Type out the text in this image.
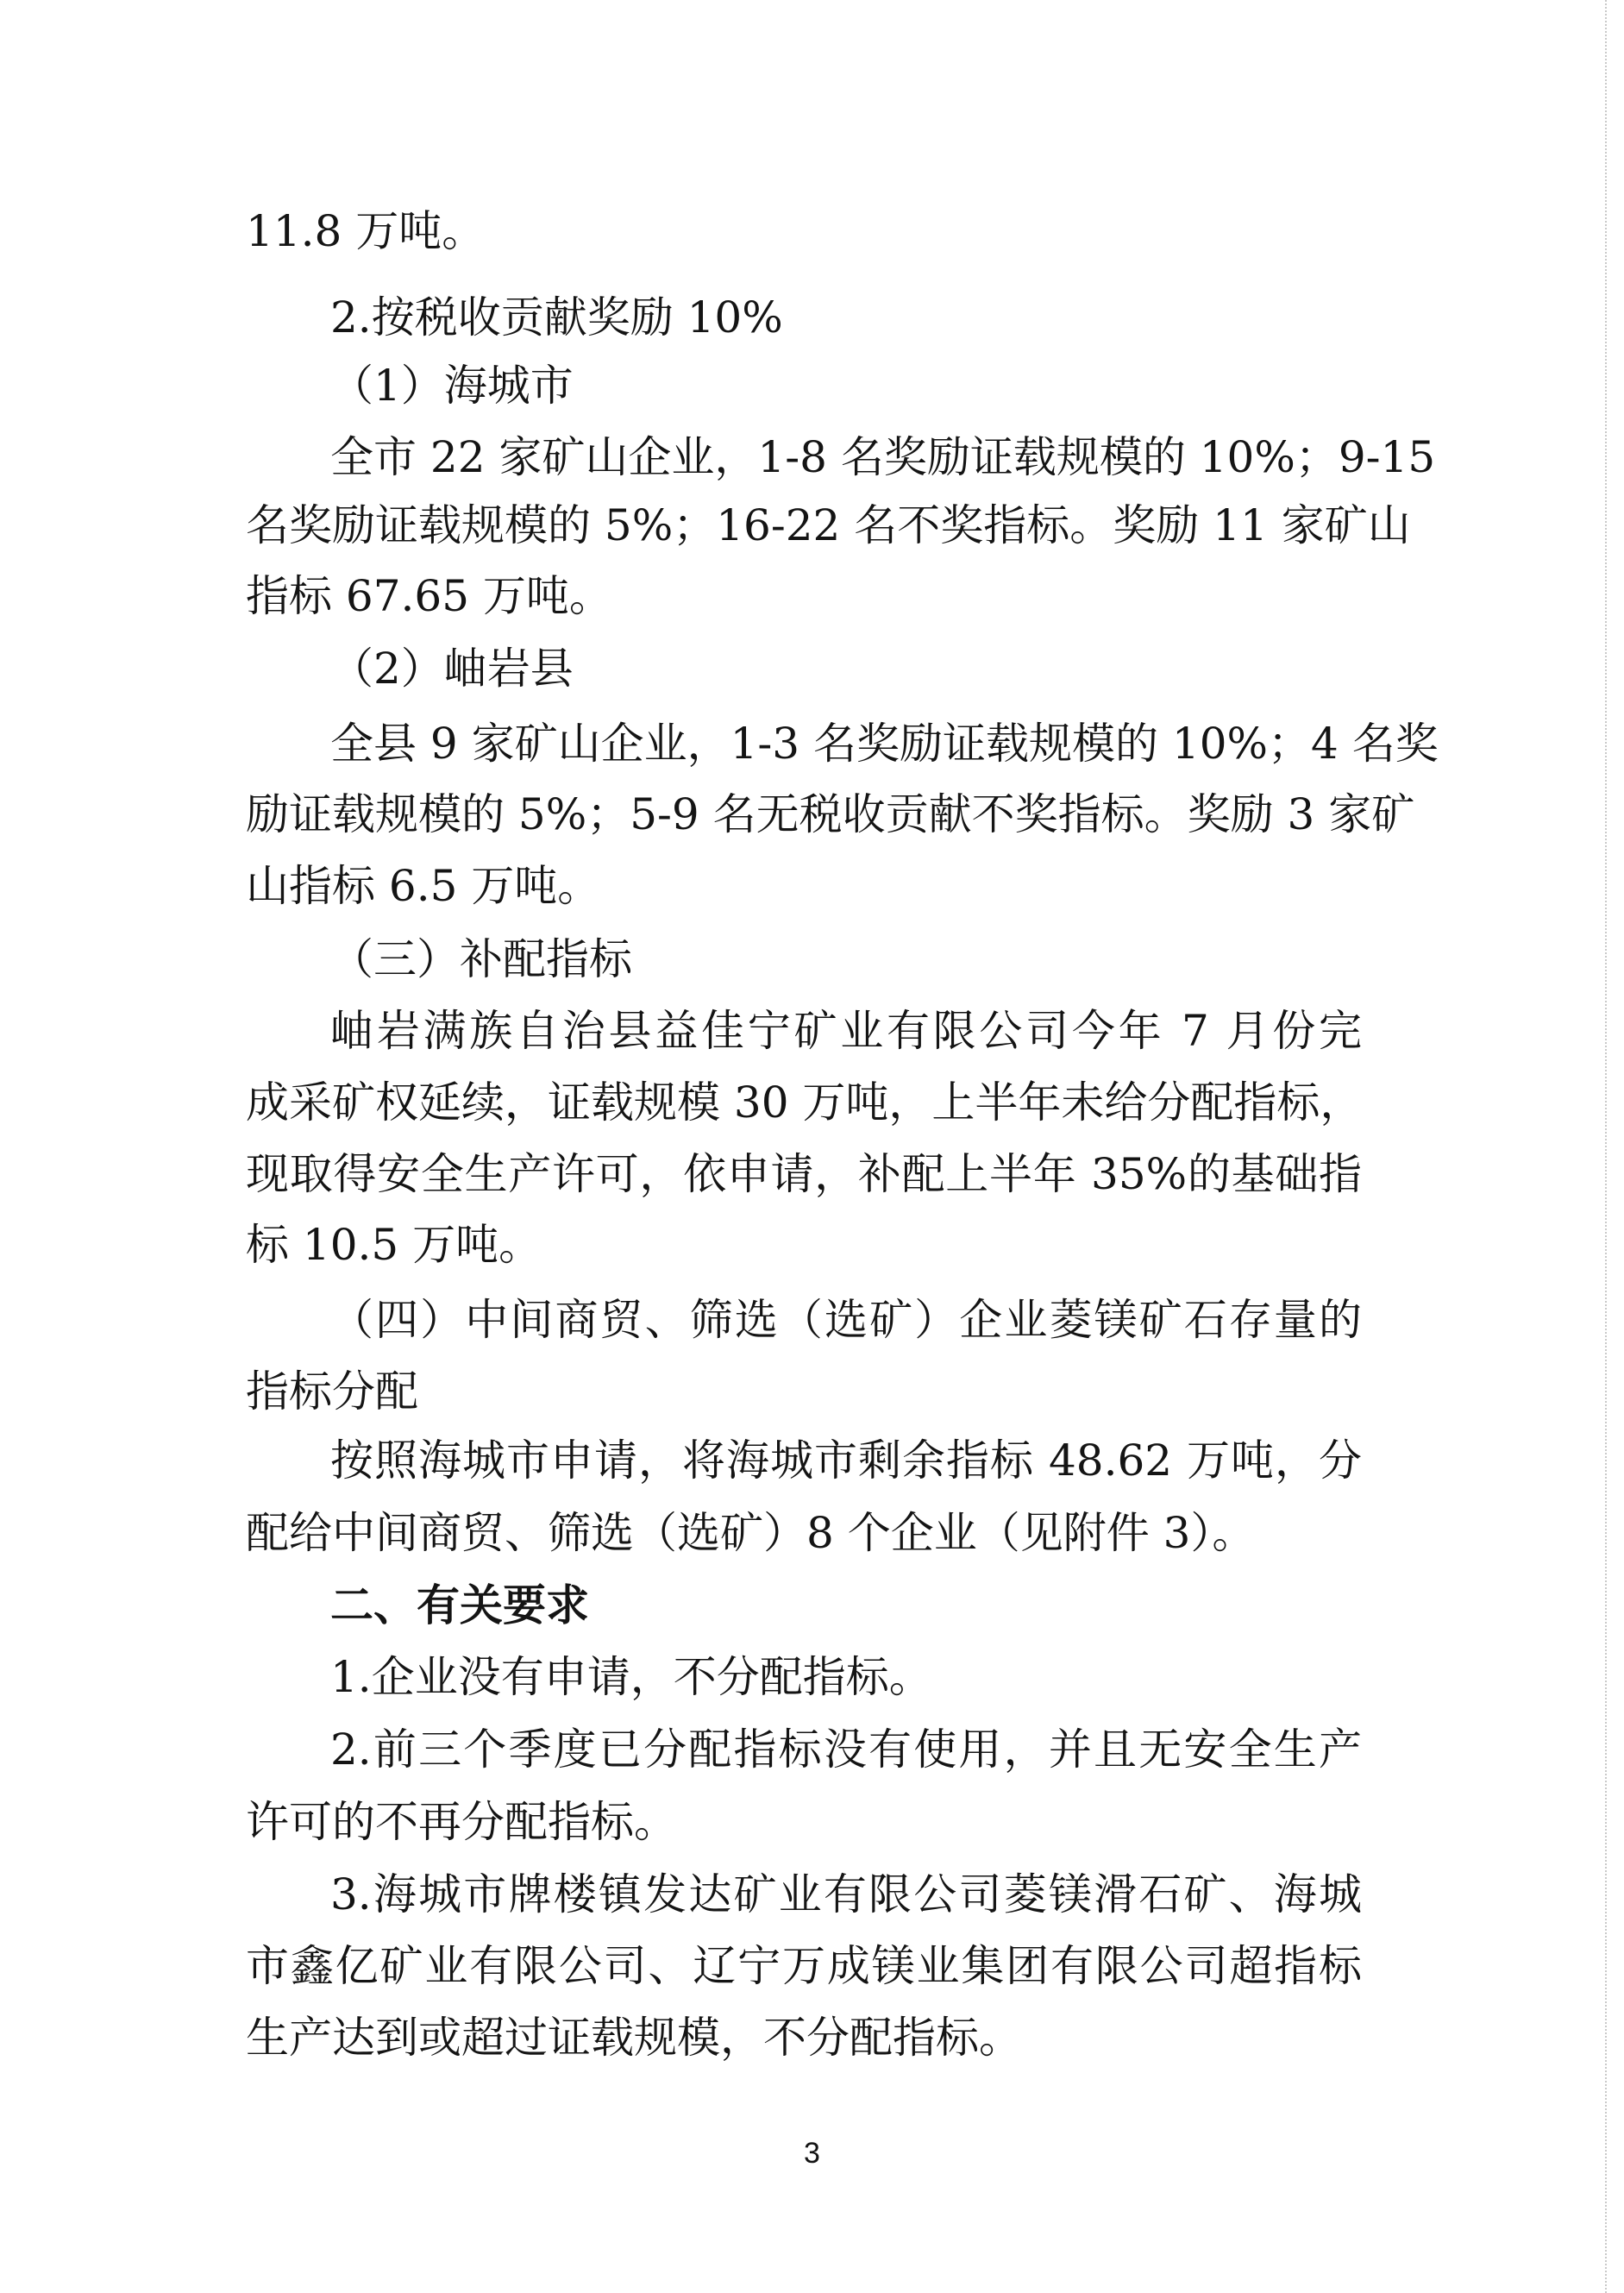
11.8 万吨。
2.按税收贡献奖励 10%
（1）海城市
全市 22 家矿山企业，1-8 名奖励证载规模的 10%；9-15
名奖励证载规模的 5%；16-22 名不奖指标。奖励 11 家矿山
指标 67.65 万吨。
（2）岫岩县
全县 9 家矿山企业，1-3 名奖励证载规模的 10%；4 名奖
励证载规模的 5%；5-9 名无税收贡献不奖指标。奖励 3 家矿
山指标 6.5 万吨。
（三）补配指标
岫岩满族自治县益佳宁矿业有限公司今年 7 月份完
成采矿权延续，证载规模 30 万吨，上半年未给分配指标，
现取得安全生产许可，依申请，补配上半年 35%的基础指
标 10.5 万吨。
（四）中间商贸、筛选（选矿）企业菱镁矿石存量的
指标分配
按照海城市申请，将海城市剩余指标 48.62 万吨，分
配给中间商贸、筛选（选矿）8 个企业（见附件 3）。
二、有关要求
1.企业没有申请，不分配指标。
2.前三个季度已分配指标没有使用，并且无安全生产
许可的不再分配指标。
3.海城市牌楼镇发达矿业有限公司菱镁滑石矿、海城
市鑫亿矿业有限公司、辽宁万成镁业集团有限公司超指标
生产达到或超过证载规模，不分配指标。
3
